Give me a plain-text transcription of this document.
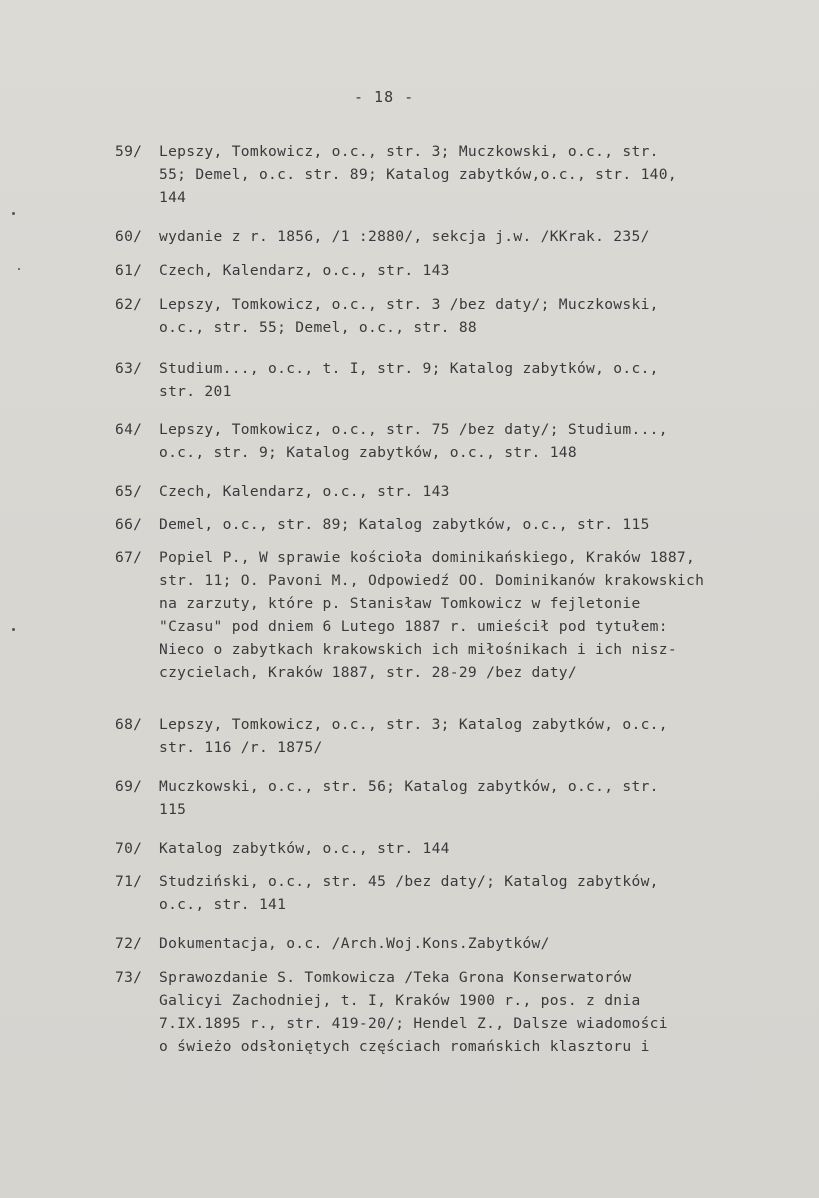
- 18 -
59/	Lepszy, Tomkowicz, o.c., str. 3; Muczkowski, o.c., str.
55; Demel, o.c. str. 89; Katalog zabytków,o.c., str. 140,
144
60/	wydanie z r. 1856, /1 :2880/, sekcja j.w. /KKrak. 235/
61/	Czech, Kalendarz, o.c., str. 143
62/	Lepszy, Tomkowicz, o.c., str. 3 /bez daty/; Muczkowski,
o.c., str. 55; Demel, o.c., str. 88
63/	Studium..., o.c., t. I, str. 9; Katalog zabytków, o.c.,
str. 201
64/	Lepszy, Tomkowicz, o.c., str. 75 /bez daty/; Studium...,
o.c., str. 9; Katalog zabytków, o.c., str. 148
65/	Czech, Kalendarz, o.c., str. 143
66/	Demel, o.c., str. 89; Katalog zabytków, o.c., str. 115
67/	Popiel P., W sprawie kościoła dominikańskiego, Kraków 1887,
str. 11; O. Pavoni M., Odpowiedź OO. Dominikanów krakowskich
na zarzuty, które p. Stanisław Tomkowicz w fejletonie
"Czasu" pod dniem 6 Lutego 1887 r. umieścił pod tytułem:
Nieco o zabytkach krakowskich ich miłośnikach i ich nisz-
czycielach, Kraków 1887, str. 28-29 /bez daty/
68/	Lepszy, Tomkowicz, o.c., str. 3; Katalog zabytków, o.c.,
str. 116 /r. 1875/
69/	Muczkowski, o.c., str. 56; Katalog zabytków, o.c., str.
115
70/	Katalog zabytków, o.c., str. 144
71/	Studziński, o.c., str. 45 /bez daty/; Katalog zabytków,
o.c., str. 141
72/	Dokumentacja, o.c. /Arch.Woj.Kons.Zabytków/
73/	Sprawozdanie S. Tomkowicza /Teka Grona Konserwatorów
Galicyi Zachodniej, t. I, Kraków 1900 r., pos. z dnia
7.IX.1895 r., str. 419-20/; Hendel Z., Dalsze wiadomości
o świeżo odsłoniętych częściach romańskich klasztoru i
